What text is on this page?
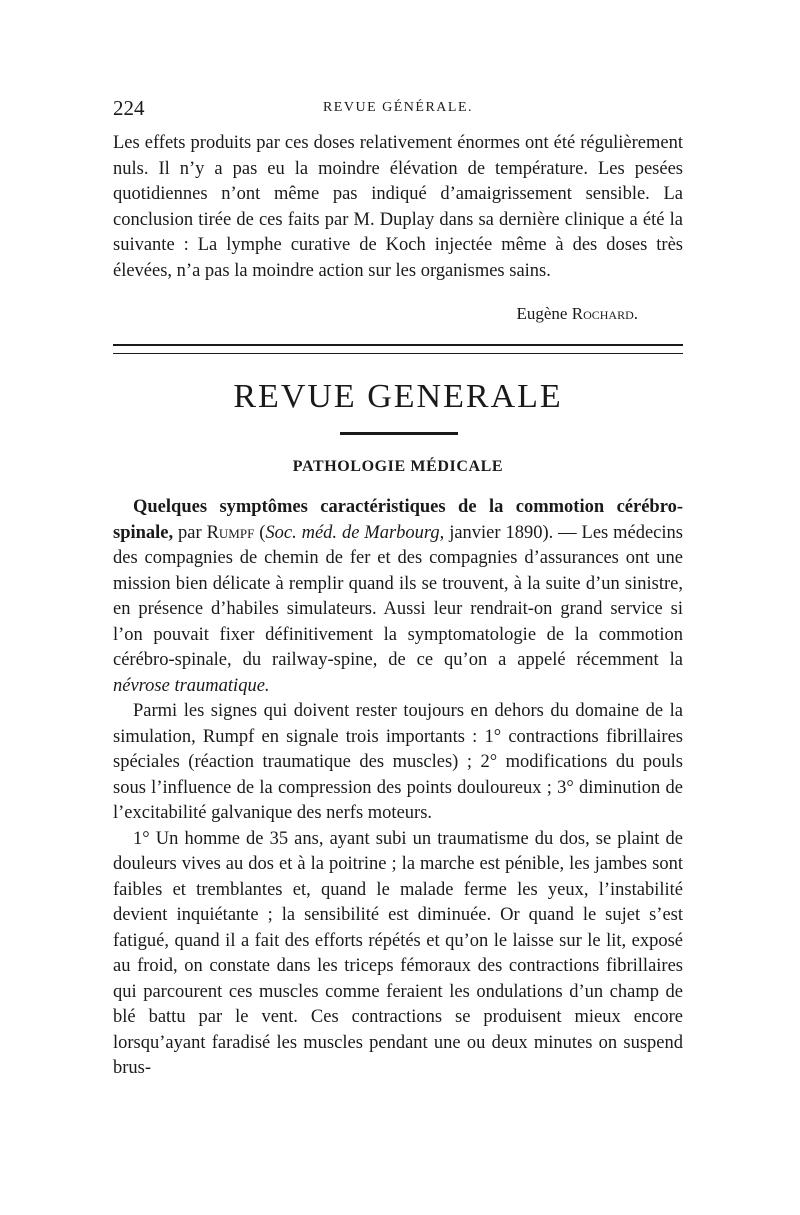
224	REVUE GÉNÉRALE.

Les effets produits par ces doses relativement énormes ont été régulièrement nuls. Il n’y a pas eu la moindre élévation de température. Les pesées quotidiennes n’ont même pas indiqué d’amaigrissement sensible. La conclusion tirée de ces faits par M. Duplay dans sa dernière clinique a été la suivante : La lymphe curative de Koch injectée même à des doses très élevées, n’a pas la moindre action sur les organismes sains.

Eugène Rochard.
REVUE GENERALE
PATHOLOGIE MÉDICALE

Quelques symptômes caractéristiques de la commotion cérébro-spinale, par Rumpf (Soc. méd. de Marbourg, janvier 1890). — Les médecins des compagnies de chemin de fer et des compagnies d’assurances ont une mission bien délicate à remplir quand ils se trouvent, à la suite d’un sinistre, en présence d’habiles simulateurs. Aussi leur rendrait-on grand service si l’on pouvait fixer définitivement la symptomatologie de la commotion cérébro-spinale, du railway-spine, de ce qu’on a appelé récemment la névrose traumatique.

Parmi les signes qui doivent rester toujours en dehors du domaine de la simulation, Rumpf en signale trois importants : 1° contractions fibrillaires spéciales (réaction traumatique des muscles) ; 2° modifications du pouls sous l’influence de la compression des points douloureux ; 3° diminution de l’excitabilité galvanique des nerfs moteurs.

1° Un homme de 35 ans, ayant subi un traumatisme du dos, se plaint de douleurs vives au dos et à la poitrine ; la marche est pénible, les jambes sont faibles et tremblantes et, quand le malade ferme les yeux, l’instabilité devient inquiétante ; la sensibilité est diminuée. Or quand le sujet s’est fatigué, quand il a fait des efforts répétés et qu’on le laisse sur le lit, exposé au froid, on constate dans les triceps fémoraux des contractions fibrillaires qui parcourent ces muscles comme feraient les ondulations d’un champ de blé battu par le vent. Ces contractions se produisent mieux encore lorsqu’ayant faradisé les muscles pendant une ou deux minutes on suspend brus-
